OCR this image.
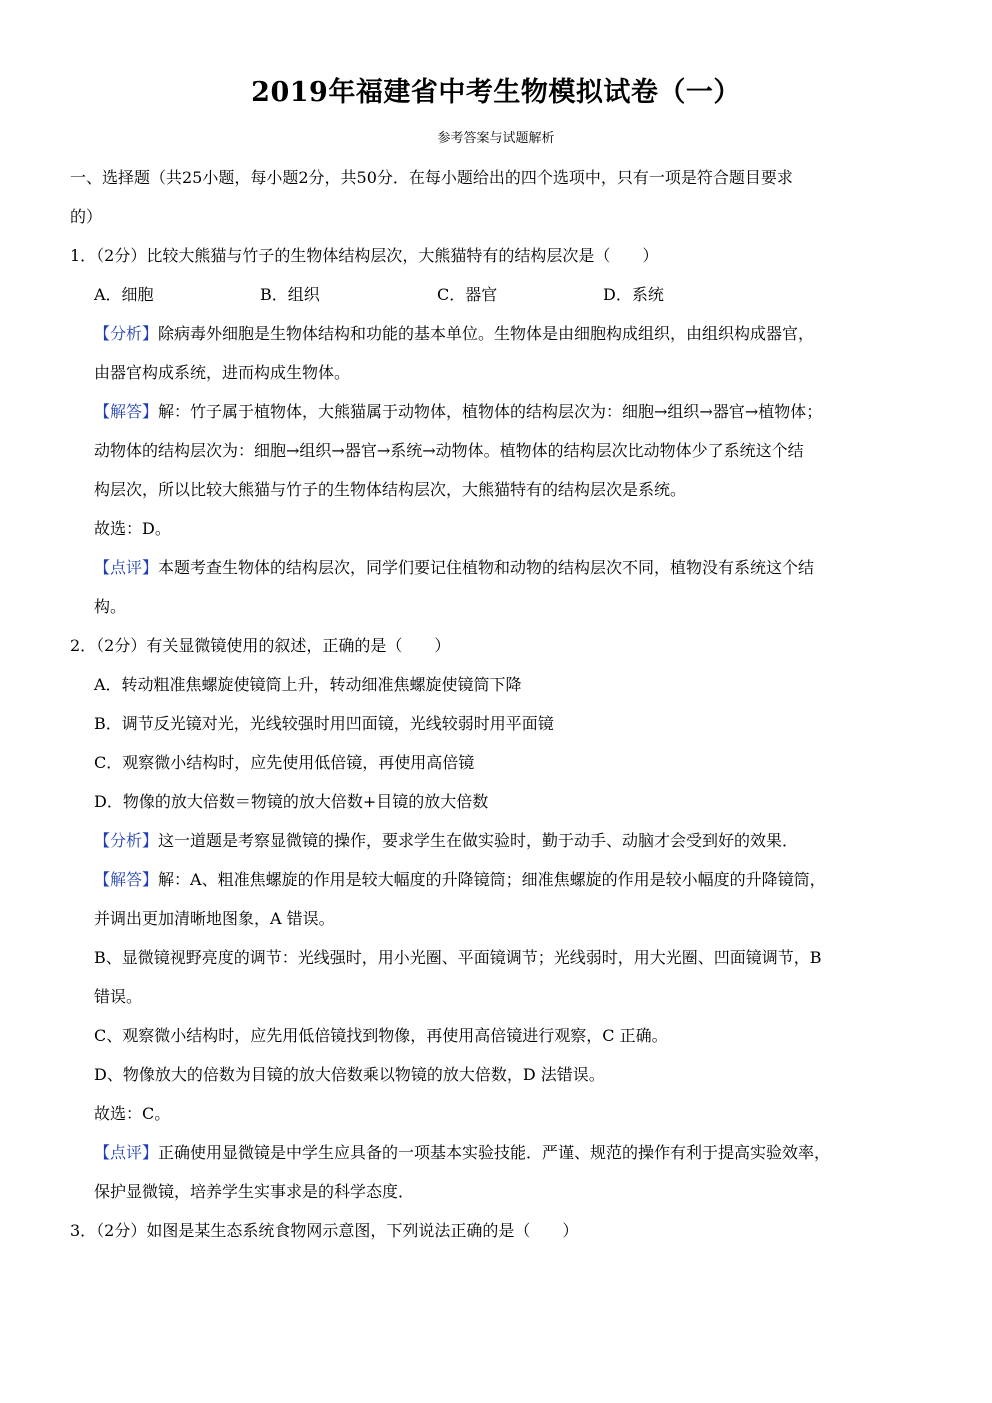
2019年福建省中考生物模拟试卷（一）
参考答案与试题解析
一、选择题（共25小题，每小题2分，共50分．在每小题给出的四个选项中，只有一项是符合题目要求
的）
1．（2分）比较大熊猫与竹子的生物体结构层次，大熊猫特有的结构层次是（　　）
A．细胞	B．组织	C．器官	D．系统
【分析】除病毒外细胞是生物体结构和功能的基本单位。生物体是由细胞构成组织，由组织构成器官，
由器官构成系统，进而构成生物体。
【解答】解：竹子属于植物体，大熊猫属于动物体，植物体的结构层次为：细胞→组织→器官→植物体；
动物体的结构层次为：细胞→组织→器官→系统→动物体。植物体的结构层次比动物体少了系统这个结
构层次，所以比较大熊猫与竹子的生物体结构层次，大熊猫特有的结构层次是系统。
故选：D。
【点评】本题考查生物体的结构层次，同学们要记住植物和动物的结构层次不同，植物没有系统这个结
构。
2．（2分）有关显微镜使用的叙述，正确的是（　　）
A．转动粗准焦螺旋使镜筒上升，转动细准焦螺旋使镜筒下降
B．调节反光镜对光，光线较强时用凹面镜，光线较弱时用平面镜
C．观察微小结构时，应先使用低倍镜，再使用高倍镜
D．物像的放大倍数＝物镜的放大倍数+目镜的放大倍数
【分析】这一道题是考察显微镜的操作，要求学生在做实验时，勤于动手、动脑才会受到好的效果．
【解答】解：A、粗准焦螺旋的作用是较大幅度的升降镜筒；细准焦螺旋的作用是较小幅度的升降镜筒，
并调出更加清晰地图象，A 错误。
B、显微镜视野亮度的调节：光线强时，用小光圈、平面镜调节；光线弱时，用大光圈、凹面镜调节，B
错误。
C、观察微小结构时，应先用低倍镜找到物像，再使用高倍镜进行观察，C 正确。
D、物像放大的倍数为目镜的放大倍数乘以物镜的放大倍数，D 法错误。
故选：C。
【点评】正确使用显微镜是中学生应具备的一项基本实验技能．严谨、规范的操作有利于提高实验效率，
保护显微镜，培养学生实事求是的科学态度．
3．（2分）如图是某生态系统食物网示意图，下列说法正确的是（　　）
